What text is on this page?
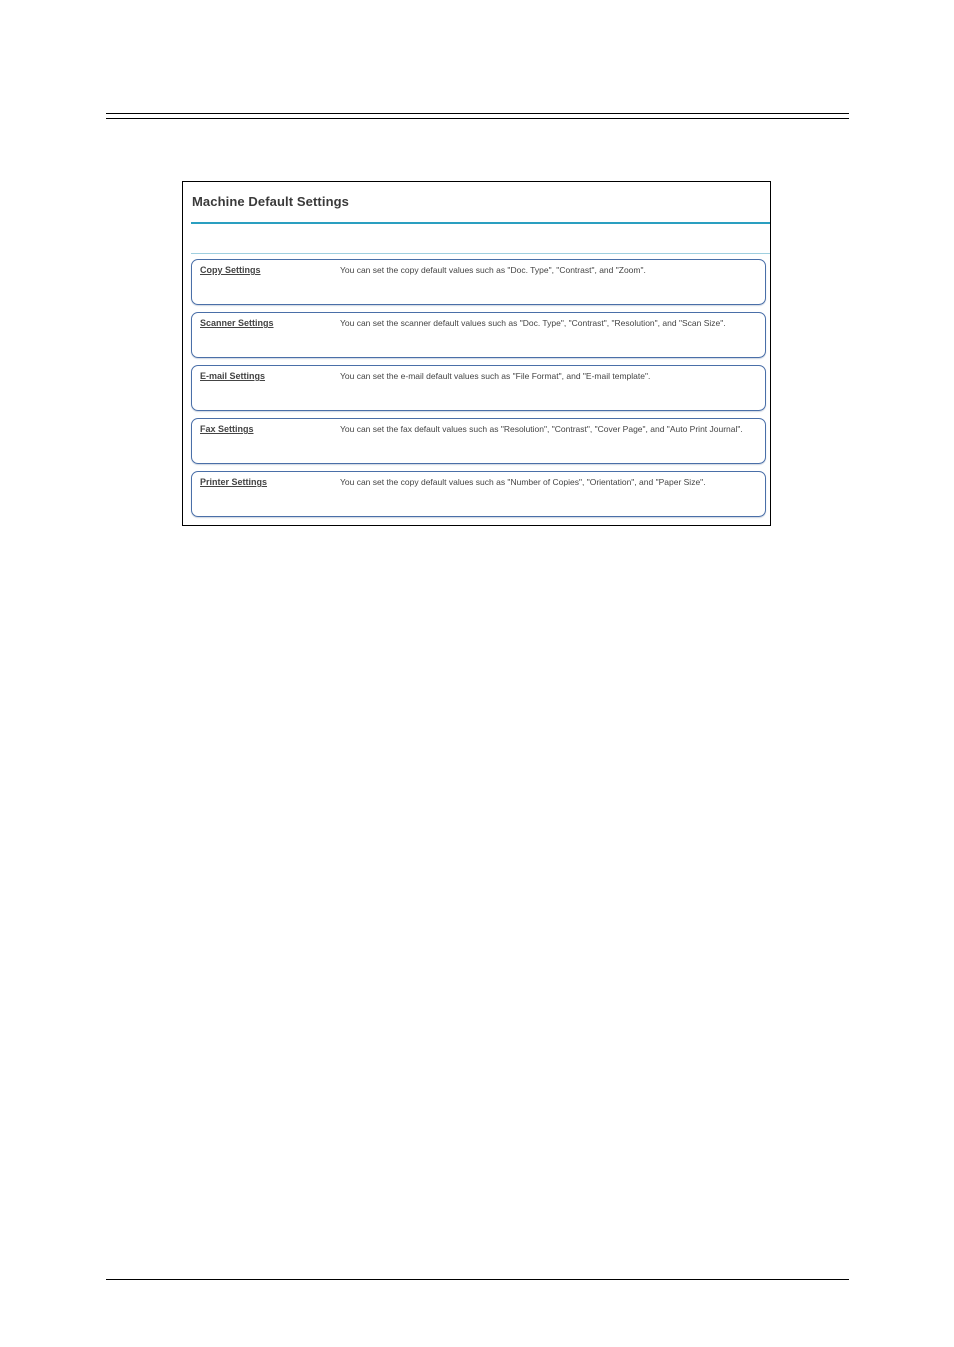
Machine Default Settings
Copy Settings	You can set the copy default values such as "Doc. Type", "Contrast", and "Zoom".
Scanner Settings	You can set the scanner default values such as "Doc. Type", "Contrast", "Resolution", and "Scan Size".
E-mail Settings	You can set the e-mail default values such as "File Format", and "E-mail template".
Fax Settings	You can set the fax default values such as "Resolution", "Contrast", "Cover Page", and "Auto Print Journal".
Printer Settings	You can set the copy default values such as "Number of Copies", "Orientation", and "Paper Size".
